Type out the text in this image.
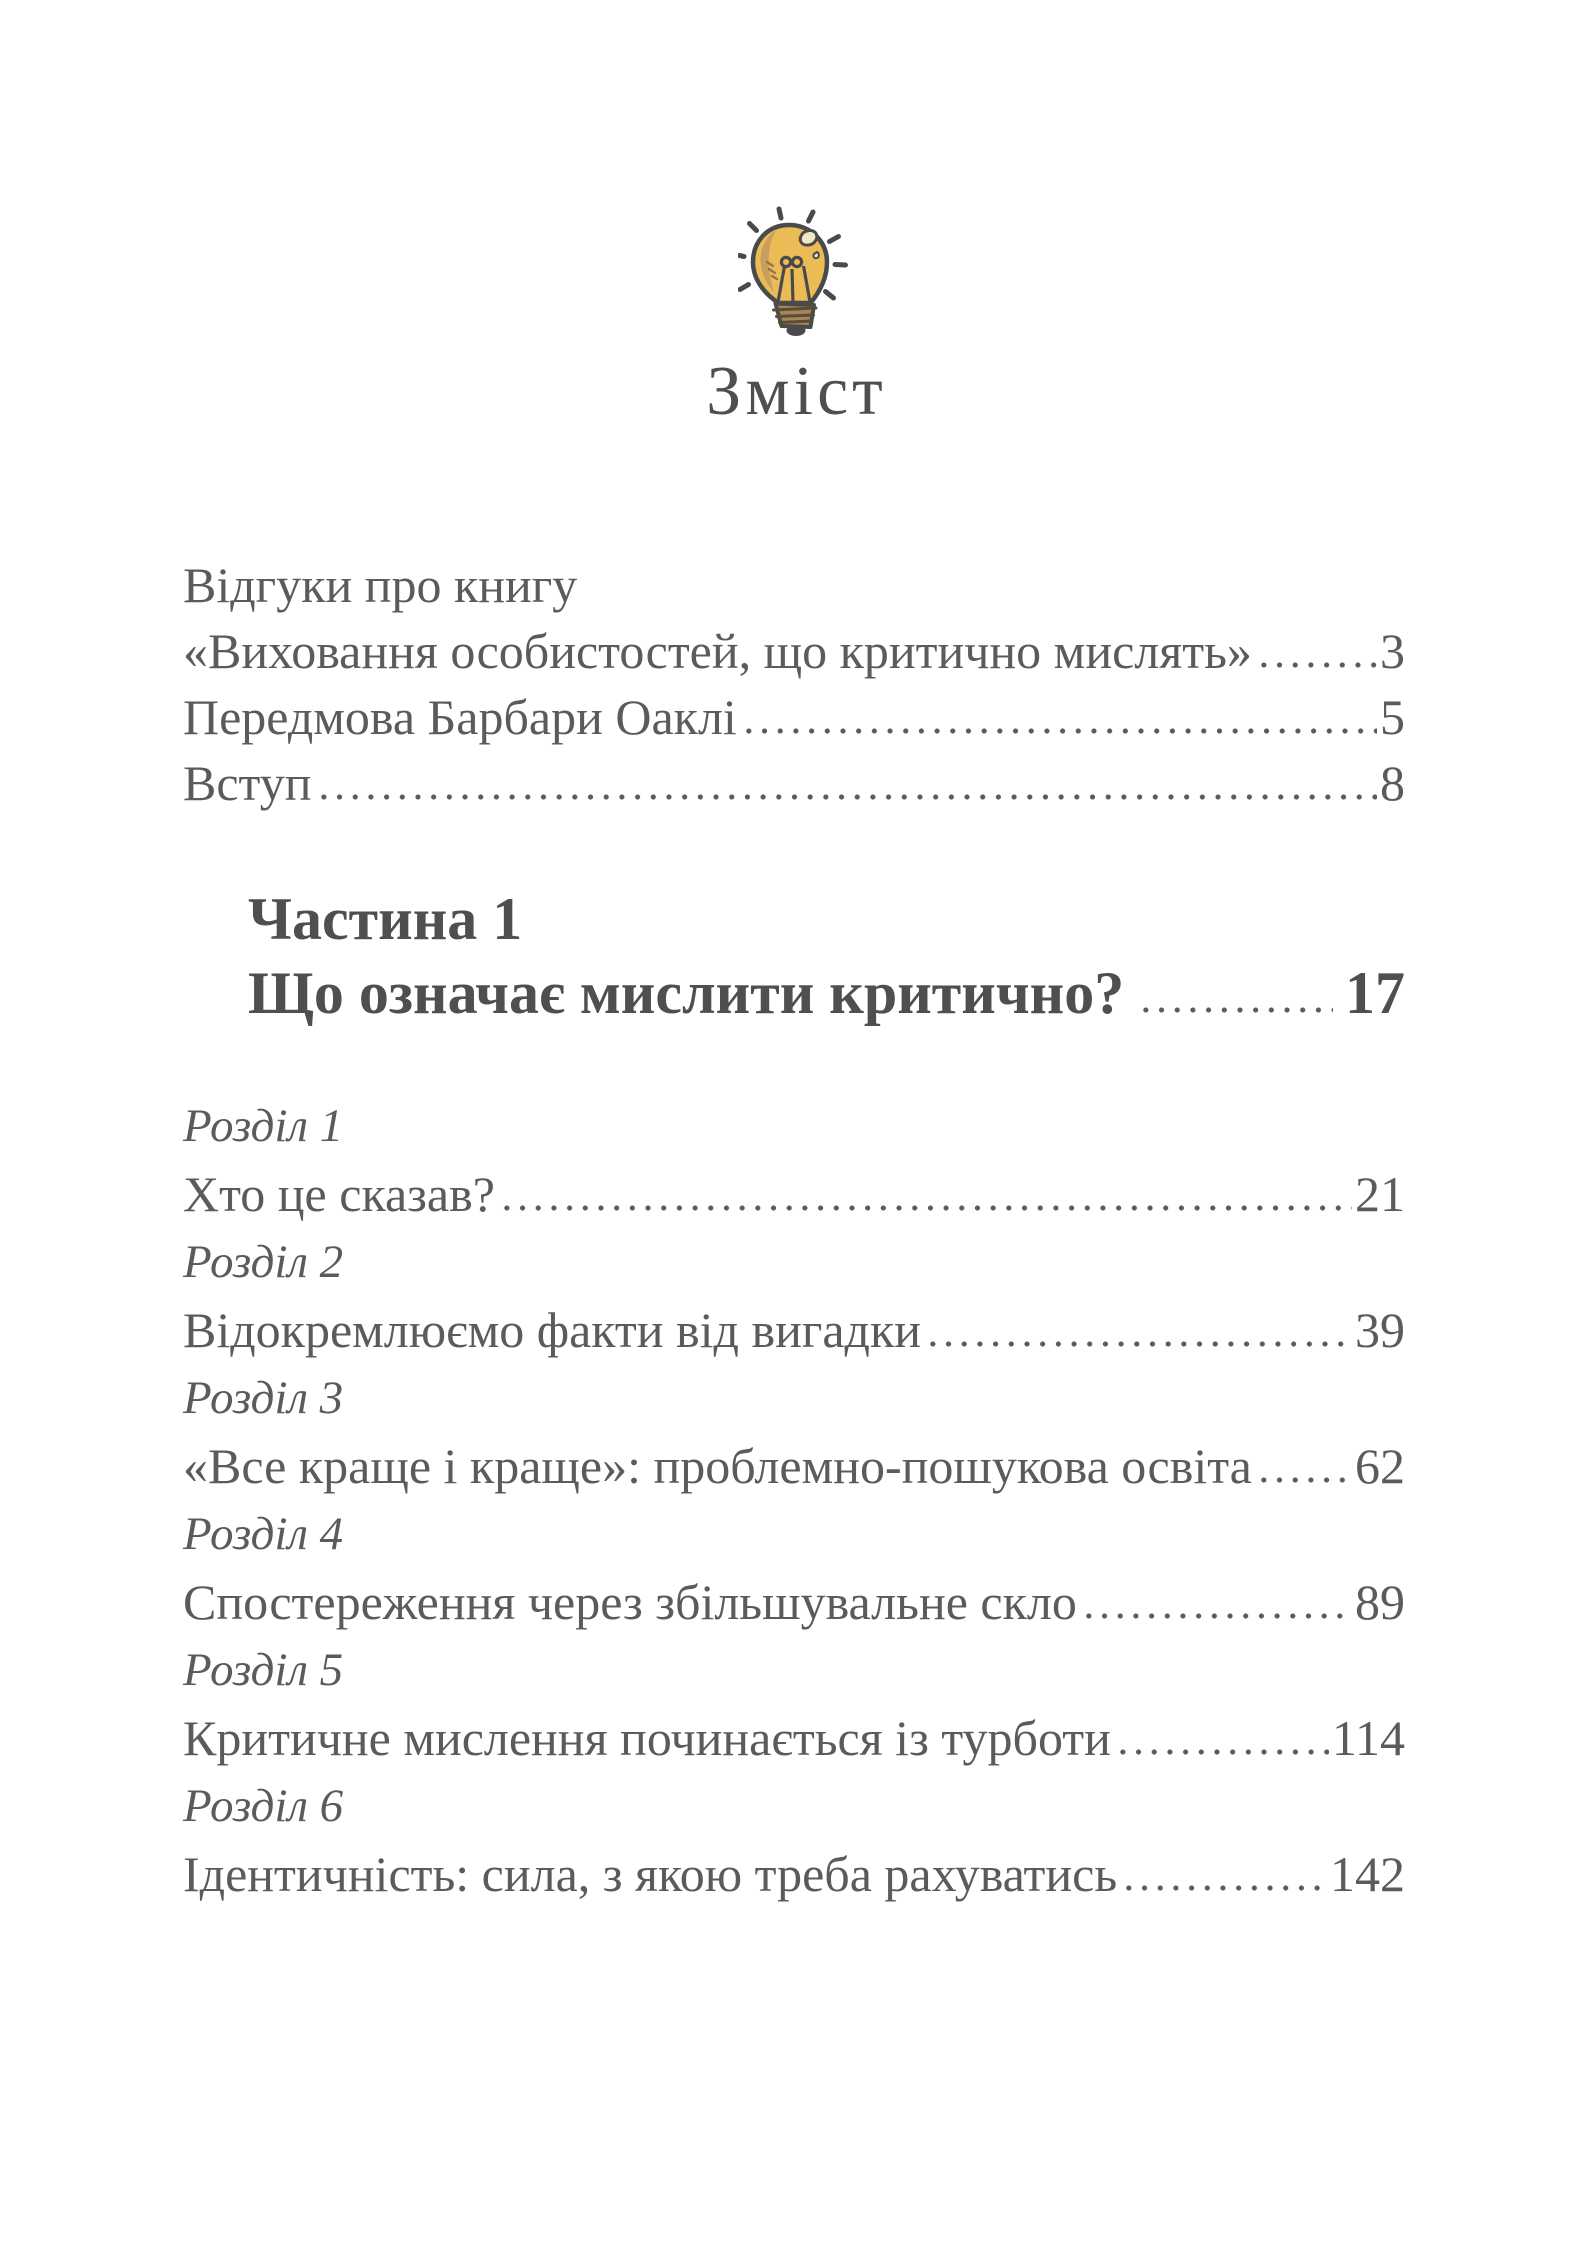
Зміст
Відгуки про книгу
«Виховання особистостей, що критично мислять»	3
Передмова Барбари Оаклі	5
Вступ	8
Частина 1
Що означає мислити критично?	17
Розділ 1
Хто це сказав?	21
Розділ 2
Відокремлюємо факти від вигадки	39
Розділ 3
«Все краще і краще»: проблемно-пошукова освіта 62
Розділ 4
Спостереження через збільшувальне скло	89
Розділ 5
Критичне мислення починається із турботи	114
Розділ 6
Ідентичність: сила, з якою треба рахуватись	142
